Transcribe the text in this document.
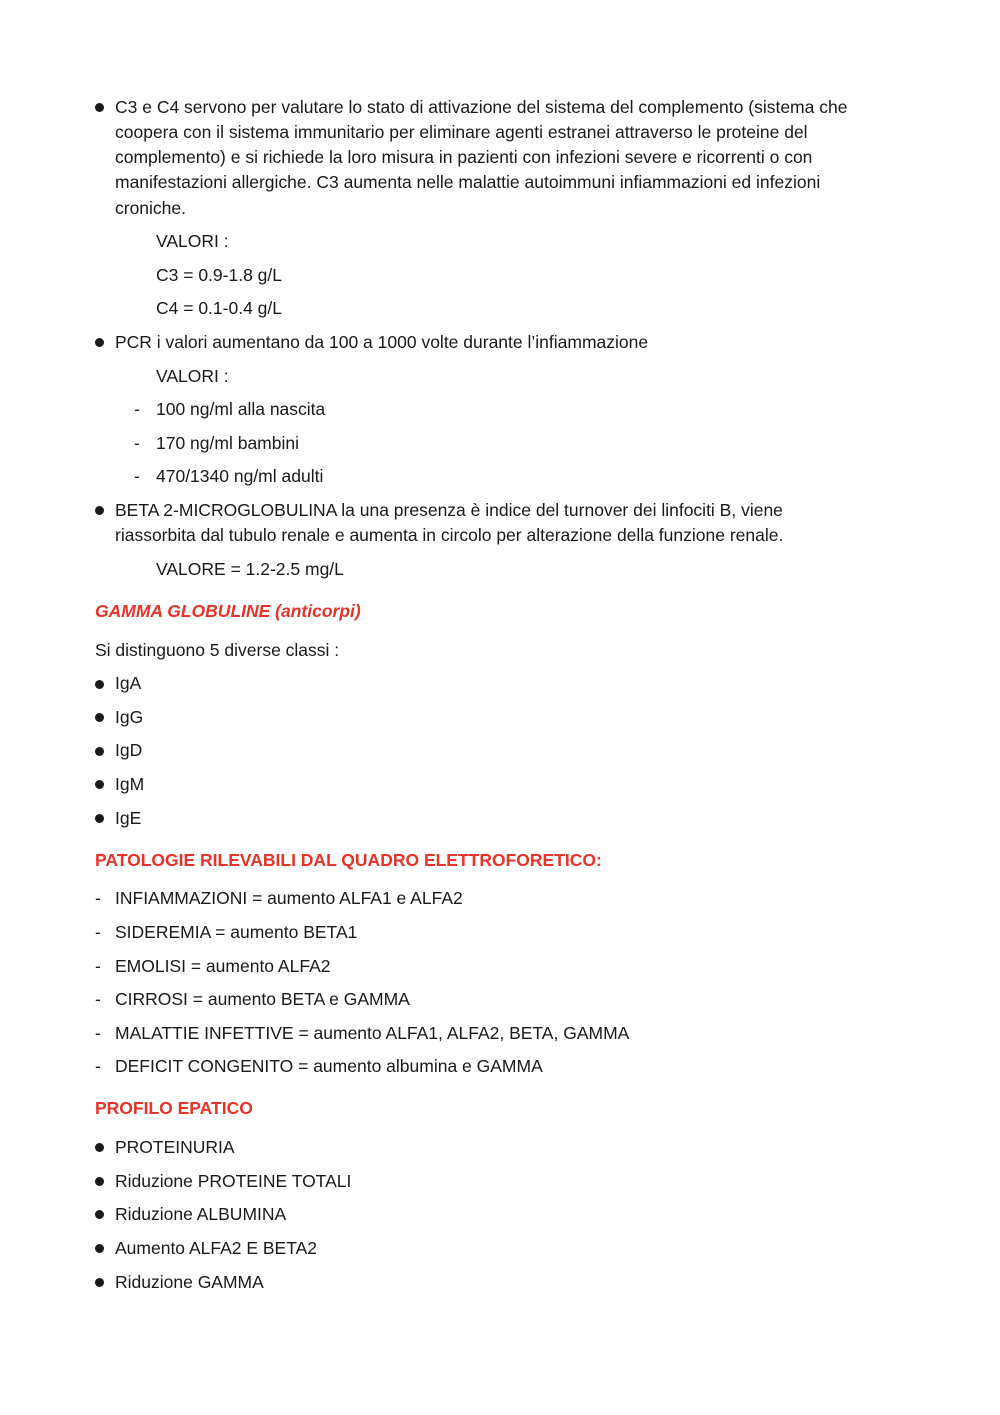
C3 e C4 servono per valutare lo stato di attivazione del sistema del complemento (sistema che
coopera con il sistema immunitario per eliminare agenti estranei attraverso le proteine del
complemento) e si richiede la loro misura in pazienti con infezioni severe e ricorrenti o con
manifestazioni allergiche. C3 aumenta nelle malattie autoimmuni infiammazioni ed infezioni
croniche.
VALORI :
C3 = 0.9-1.8 g/L
C4 = 0.1-0.4 g/L
PCR i valori aumentano da 100 a 1000 volte durante l’infiammazione
VALORI :
- 100 ng/ml alla nascita
- 170 ng/ml bambini
- 470/1340 ng/ml adulti
BETA 2-MICROGLOBULINA la una presenza è indice del turnover dei linfociti B, viene
riassorbita dal tubulo renale e aumenta in circolo per alterazione della funzione renale.
VALORE = 1.2-2.5 mg/L
GAMMA GLOBULINE (anticorpi)
Si distinguono 5 diverse classi :
IgA
IgG
IgD
IgM
IgE
PATOLOGIE RILEVABILI DAL QUADRO ELETTROFORETICO:
- INFIAMMAZIONI = aumento ALFA1 e ALFA2
- SIDEREMIA = aumento BETA1
- EMOLISI = aumento ALFA2
- CIRROSI = aumento BETA e GAMMA
- MALATTIE INFETTIVE = aumento ALFA1, ALFA2, BETA, GAMMA
- DEFICIT CONGENITO = aumento albumina e GAMMA
PROFILO EPATICO
PROTEINURIA
Riduzione PROTEINE TOTALI
Riduzione ALBUMINA
Aumento ALFA2 E BETA2
Riduzione GAMMA
